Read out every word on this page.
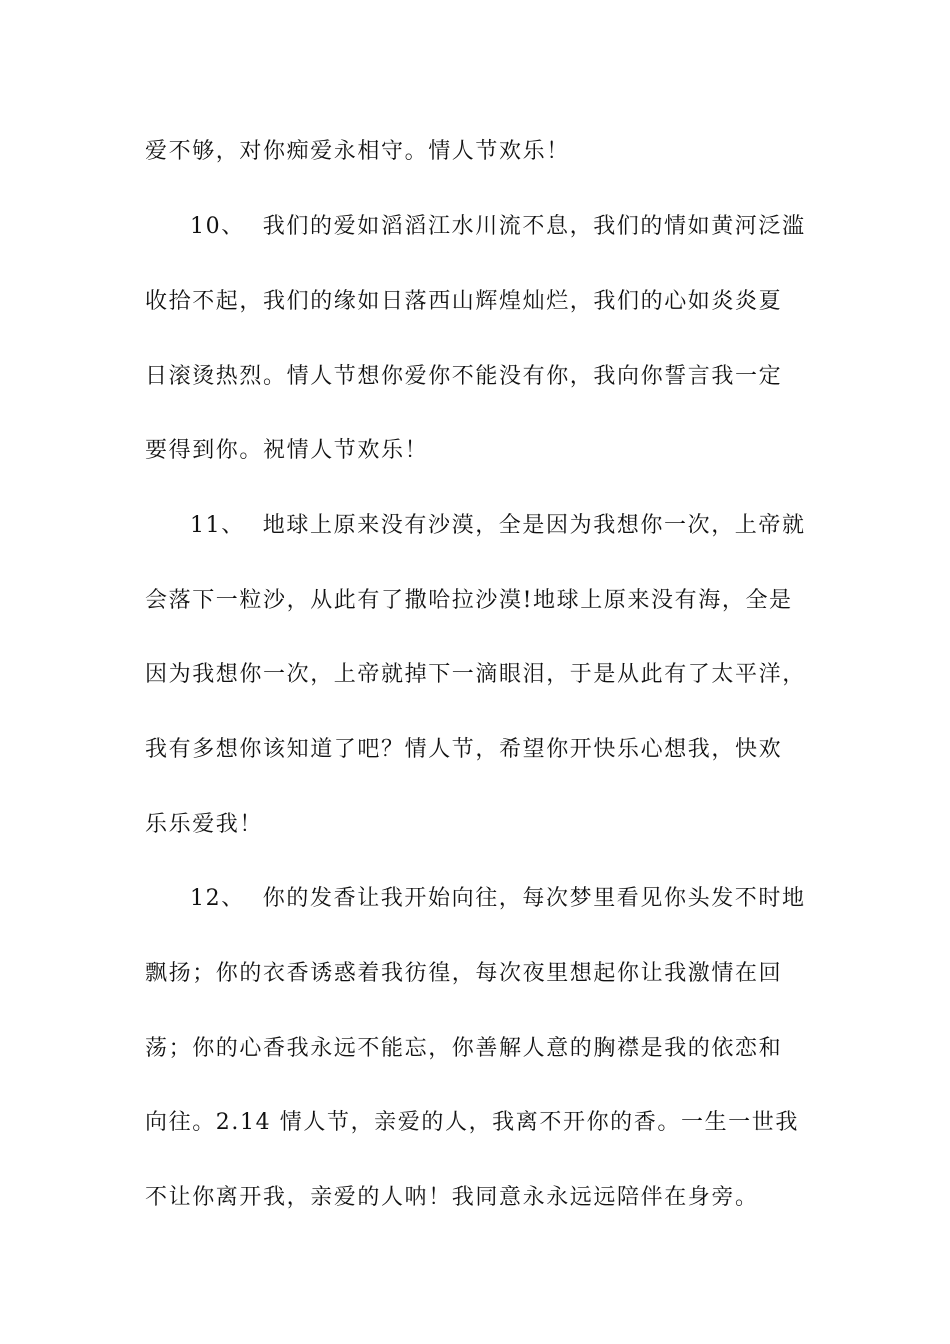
爱不够，对你痴爱永相守。情人节欢乐！
10、 我们的爱如滔滔江水川流不息，我们的情如黄河泛滥
收拾不起，我们的缘如日落西山辉煌灿烂，我们的心如炎炎夏
日滚烫热烈。情人节想你爱你不能没有你，我向你誓言我一定
要得到你。祝情人节欢乐！
11、 地球上原来没有沙漠，全是因为我想你一次，上帝就
会落下一粒沙，从此有了撒哈拉沙漠!地球上原来没有海，全是
因为我想你一次，上帝就掉下一滴眼泪，于是从此有了太平洋，
我有多想你该知道了吧？情人节，希望你开快乐心想我，快欢
乐乐爱我！
12、 你的发香让我开始向往，每次梦里看见你头发不时地
飘扬；你的衣香诱惑着我彷徨，每次夜里想起你让我激情在回
荡；你的心香我永远不能忘，你善解人意的胸襟是我的依恋和
向往。2.14 情人节，亲爱的人，我离不开你的香。一生一世我
不让你离开我，亲爱的人呐！我同意永永远远陪伴在身旁。
